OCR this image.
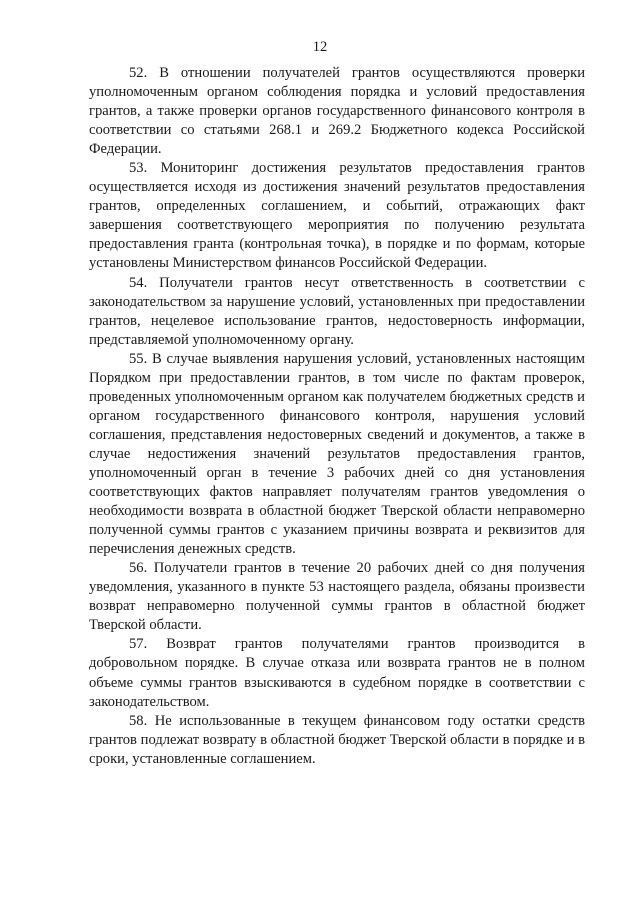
12

52. В отношении получателей грантов осуществляются проверки уполномоченным органом соблюдения порядка и условий предоставления грантов, а также проверки органов государственного финансового контроля в соответствии со статьями 268.1 и 269.2 Бюджетного кодекса Российской Федерации.

53. Мониторинг достижения результатов предоставления грантов осуществляется исходя из достижения значений результатов предоставления грантов, определенных соглашением, и событий, отражающих факт завершения соответствующего мероприятия по получению результата предоставления гранта (контрольная точка), в порядке и по формам, которые установлены Министерством финансов Российской Федерации.

54. Получатели грантов несут ответственность в соответствии с законодательством за нарушение условий, установленных при предоставлении грантов, нецелевое использование грантов, недостоверность информации, представляемой уполномоченному органу.

55. В случае выявления нарушения условий, установленных настоящим Порядком при предоставлении грантов, в том числе по фактам проверок, проведенных уполномоченным органом как получателем бюджетных средств и органом государственного финансового контроля, нарушения условий соглашения, представления недостоверных сведений и документов, а также в случае недостижения значений результатов предоставления грантов, уполномоченный орган в течение 3 рабочих дней со дня установления соответствующих фактов направляет получателям грантов уведомления о необходимости возврата в областной бюджет Тверской области неправомерно полученной суммы грантов с указанием причины возврата и реквизитов для перечисления денежных средств.

56. Получатели грантов в течение 20 рабочих дней со дня получения уведомления, указанного в пункте 53 настоящего раздела, обязаны произвести возврат неправомерно полученной суммы грантов в областной бюджет Тверской области.

57. Возврат грантов получателями грантов производится в добровольном порядке. В случае отказа или возврата грантов не в полном объеме суммы грантов взыскиваются в судебном порядке в соответствии с законодательством.

58. Не использованные в текущем финансовом году остатки средств грантов подлежат возврату в областной бюджет Тверской области в порядке и в сроки, установленные соглашением.
